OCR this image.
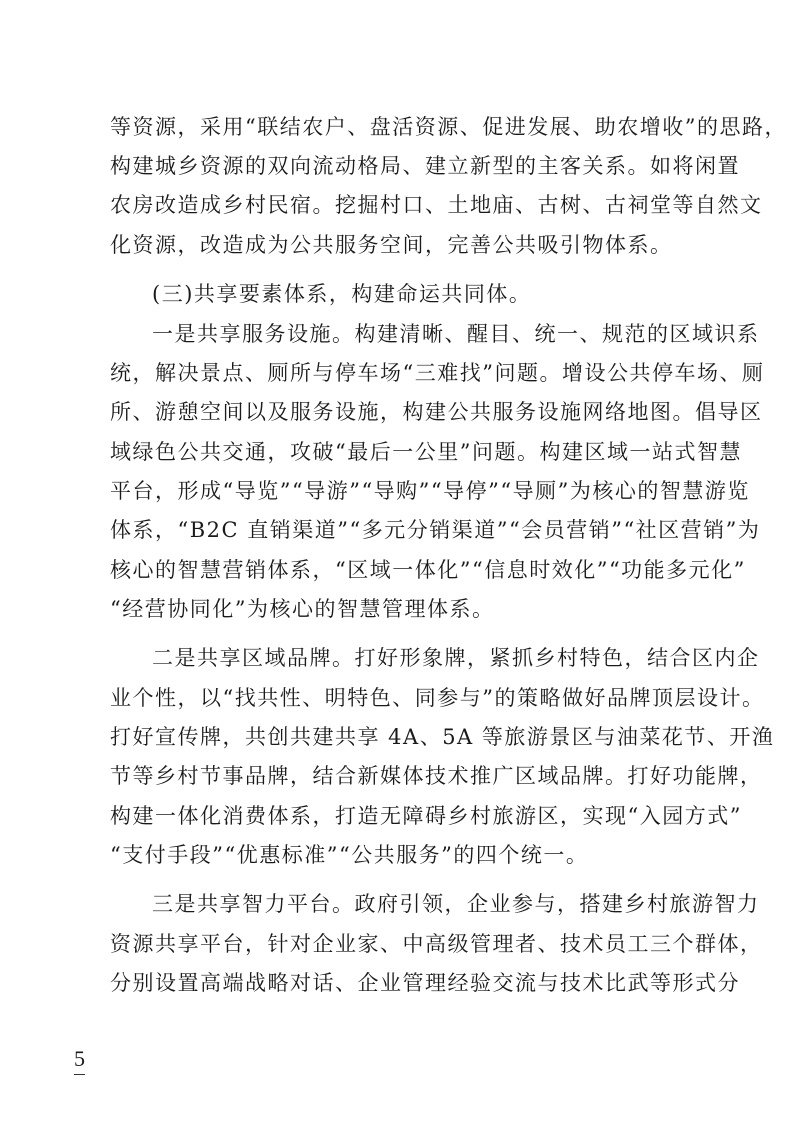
等资源，采用“联结农户、盘活资源、促进发展、助农增收”的思路，
构建城乡资源的双向流动格局、建立新型的主客关系。如将闲置
农房改造成乡村民宿。挖掘村口、土地庙、古树、古祠堂等自然文
化资源，改造成为公共服务空间，完善公共吸引物体系。
(三)共享要素体系，构建命运共同体。
一是共享服务设施。构建清晰、醒目、统一、规范的区域识系
统，解决景点、厕所与停车场“三难找”问题。增设公共停车场、厕
所、游憩空间以及服务设施，构建公共服务设施网络地图。倡导区
域绿色公共交通，攻破“最后一公里”问题。构建区域一站式智慧
平台，形成“导览”“导游”“导购”“导停”“导厕”为核心的智慧游览
体系，“B2C 直销渠道”“多元分销渠道”“会员营销”“社区营销”为
核心的智慧营销体系，“区域一体化”“信息时效化”“功能多元化”
“经营协同化”为核心的智慧管理体系。
二是共享区域品牌。打好形象牌，紧抓乡村特色，结合区内企
业个性，以“找共性、明特色、同参与”的策略做好品牌顶层设计。
打好宣传牌，共创共建共享 4A、5A 等旅游景区与油菜花节、开渔
节等乡村节事品牌，结合新媒体技术推广区域品牌。打好功能牌，
构建一体化消费体系，打造无障碍乡村旅游区，实现“入园方式”
“支付手段”“优惠标准”“公共服务”的四个统一。
三是共享智力平台。政府引领，企业参与，搭建乡村旅游智力
资源共享平台，针对企业家、中高级管理者、技术员工三个群体，
分别设置高端战略对话、企业管理经验交流与技术比武等形式分
5
